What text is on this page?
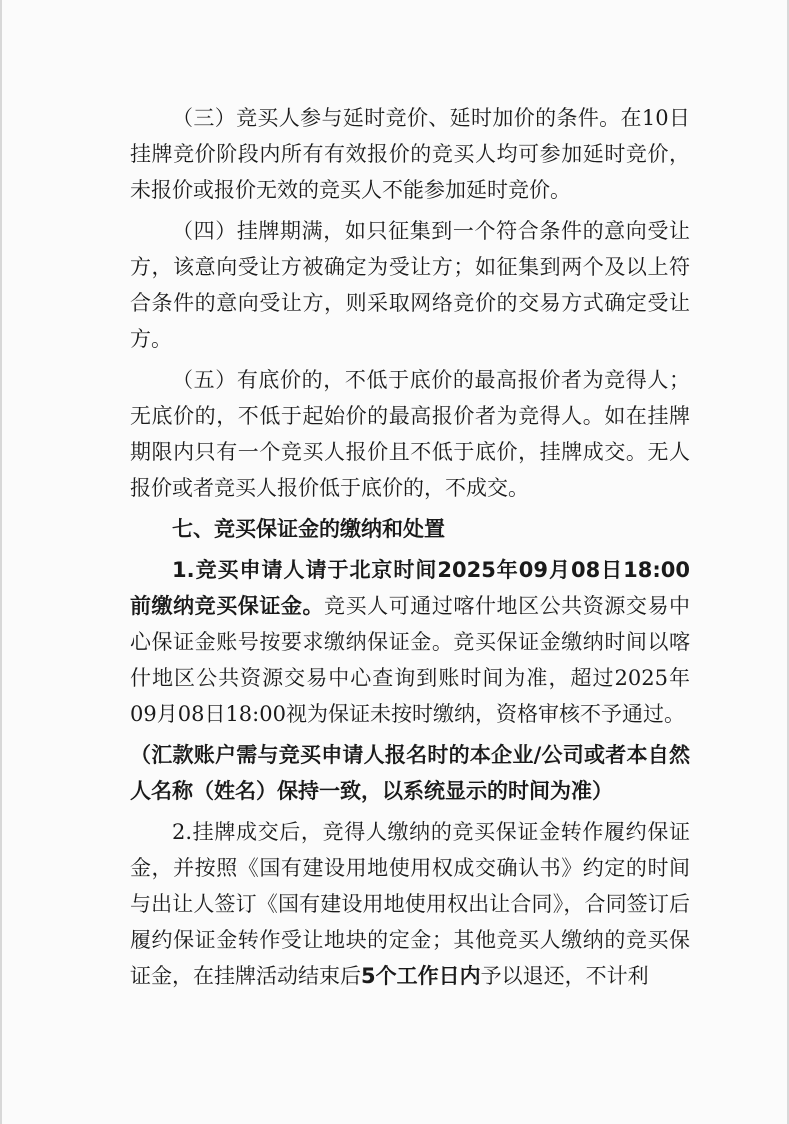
（三）竞买人参与延时竞价、延时加价的条件。在10日挂牌竞价阶段内所有有效报价的竞买人均可参加延时竞价，未报价或报价无效的竞买人不能参加延时竞价。

（四）挂牌期满，如只征集到一个符合条件的意向受让方，该意向受让方被确定为受让方；如征集到两个及以上符合条件的意向受让方，则采取网络竞价的交易方式确定受让方。

（五）有底价的，不低于底价的最高报价者为竞得人；无底价的，不低于起始价的最高报价者为竞得人。如在挂牌期限内只有一个竞买人报价且不低于底价，挂牌成交。无人报价或者竞买人报价低于底价的，不成交。

七、竞买保证金的缴纳和处置

1.竞买申请人请于北京时间2025年09月08日18:00前缴纳竞买保证金。竞买人可通过喀什地区公共资源交易中心保证金账号按要求缴纳保证金。竞买保证金缴纳时间以喀什地区公共资源交易中心查询到账时间为准，超过2025年09月08日18:00视为保证未按时缴纳，资格审核不予通过。

（汇款账户需与竞买申请人报名时的本企业/公司或者本自然人名称（姓名）保持一致，以系统显示的时间为准）

2.挂牌成交后，竞得人缴纳的竞买保证金转作履约保证金，并按照《国有建设用地使用权成交确认书》约定的时间与出让人签订《国有建设用地使用权出让合同》，合同签订后履约保证金转作受让地块的定金；其他竞买人缴纳的竞买保证金，在挂牌活动结束后5个工作日内予以退还，不计利
